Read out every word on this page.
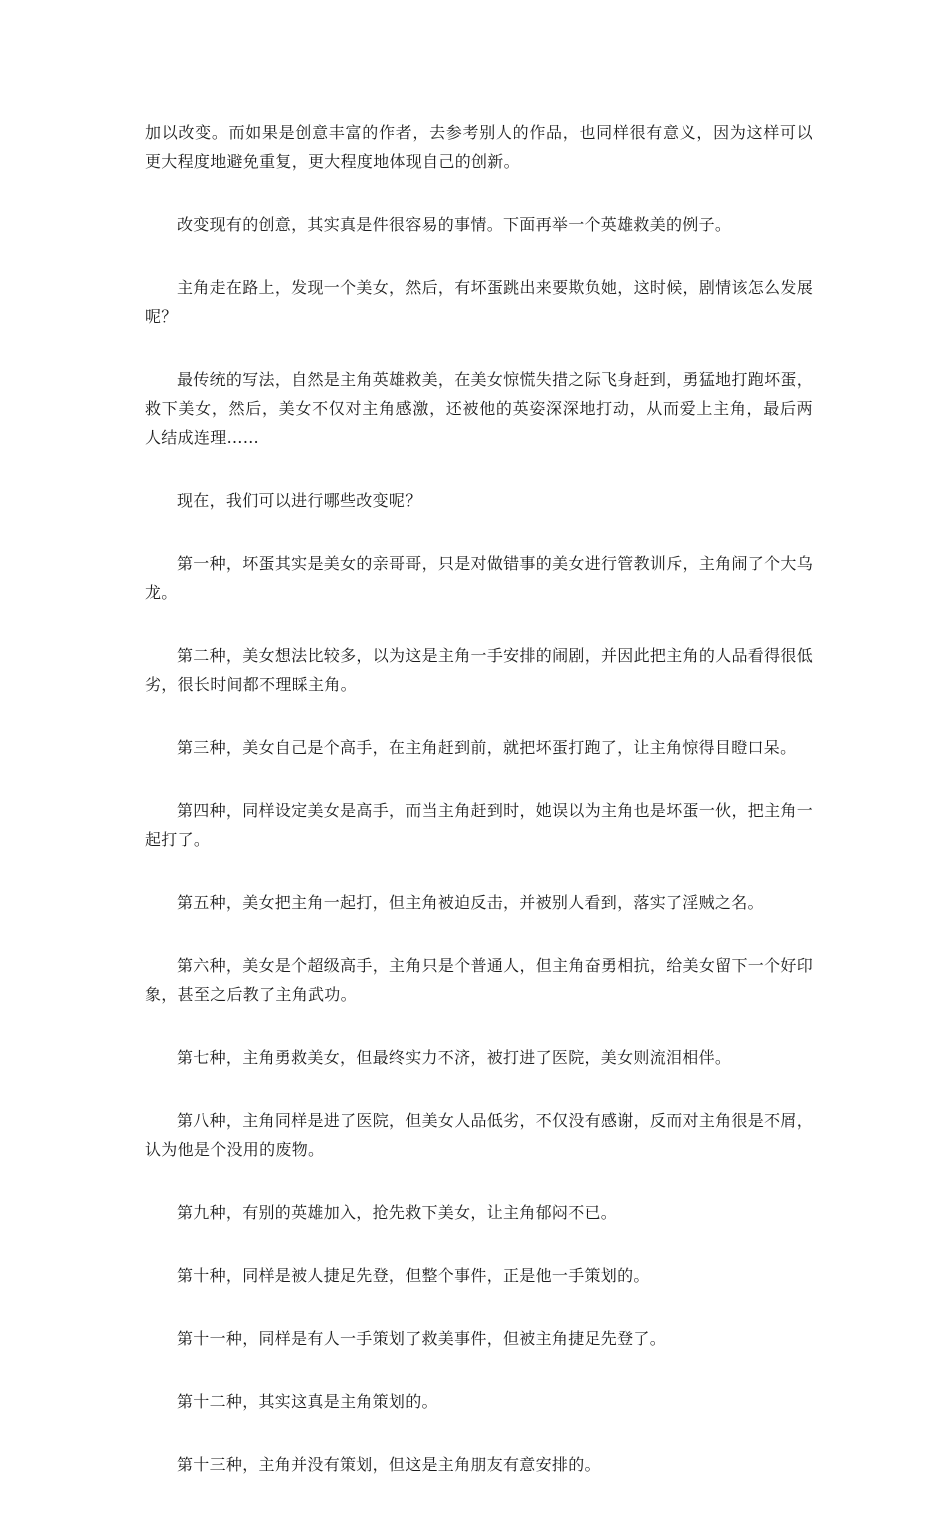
加以改变。而如果是创意丰富的作者，去参考别人的作品，也同样很有意义，因为这样可以更大程度地避免重复，更大程度地体现自己的创新。

改变现有的创意，其实真是件很容易的事情。下面再举一个英雄救美的例子。

主角走在路上，发现一个美女，然后，有坏蛋跳出来要欺负她，这时候，剧情该怎么发展呢？

最传统的写法，自然是主角英雄救美，在美女惊慌失措之际飞身赶到，勇猛地打跑坏蛋，救下美女，然后，美女不仅对主角感激，还被他的英姿深深地打动，从而爱上主角，最后两人结成连理……

现在，我们可以进行哪些改变呢？

第一种，坏蛋其实是美女的亲哥哥，只是对做错事的美女进行管教训斥，主角闹了个大乌龙。

第二种，美女想法比较多，以为这是主角一手安排的闹剧，并因此把主角的人品看得很低劣，很长时间都不理睬主角。

第三种，美女自己是个高手，在主角赶到前，就把坏蛋打跑了，让主角惊得目瞪口呆。

第四种，同样设定美女是高手，而当主角赶到时，她误以为主角也是坏蛋一伙，把主角一起打了。

第五种，美女把主角一起打，但主角被迫反击，并被别人看到，落实了淫贼之名。

第六种，美女是个超级高手，主角只是个普通人，但主角奋勇相抗，给美女留下一个好印象，甚至之后教了主角武功。

第七种，主角勇救美女，但最终实力不济，被打进了医院，美女则流泪相伴。

第八种，主角同样是进了医院，但美女人品低劣，不仅没有感谢，反而对主角很是不屑，认为他是个没用的废物。

第九种，有别的英雄加入，抢先救下美女，让主角郁闷不已。

第十种，同样是被人捷足先登，但整个事件，正是他一手策划的。

第十一种，同样是有人一手策划了救美事件，但被主角捷足先登了。

第十二种，其实这真是主角策划的。

第十三种，主角并没有策划，但这是主角朋友有意安排的。
